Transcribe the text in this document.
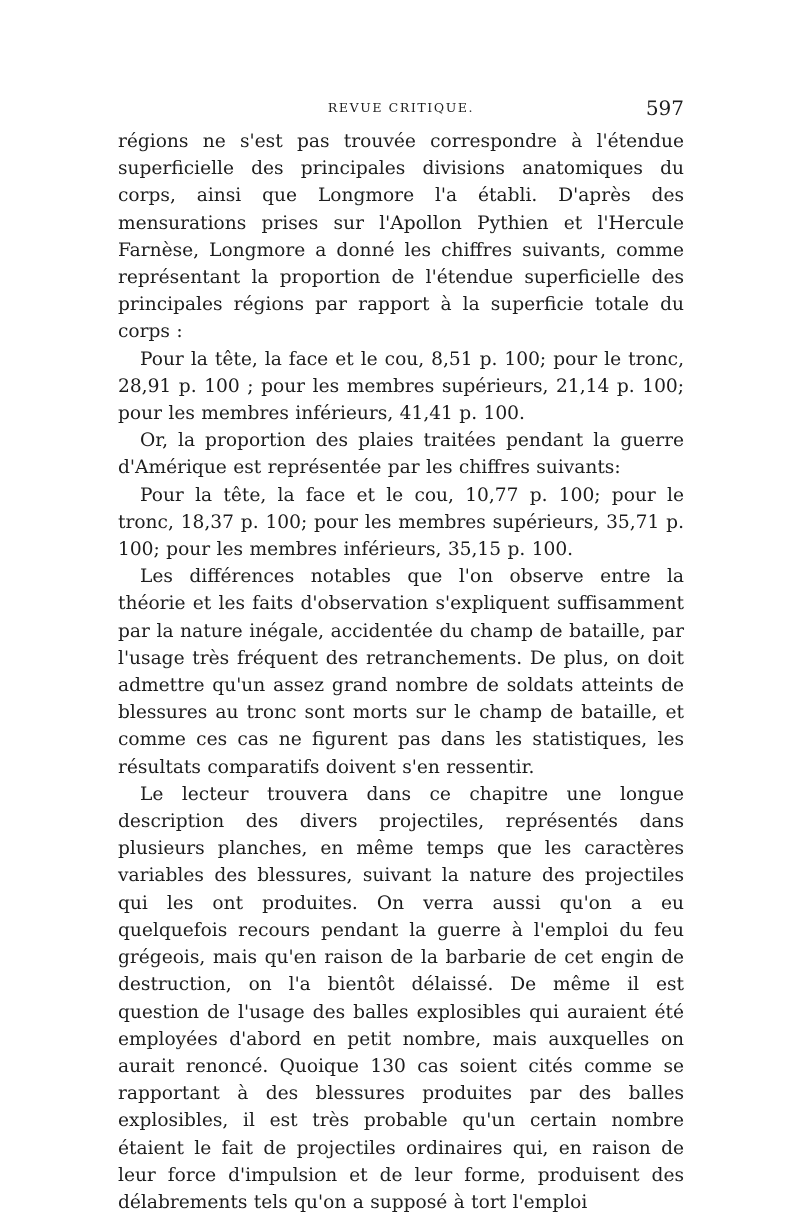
REVUE CRITIQUE.	597

régions ne s'est pas trouvée correspondre à l'étendue superficielle des principales divisions anatomiques du corps, ainsi que Longmore l'a établi. D'après des mensurations prises sur l'Apollon Pythien et l'Hercule Farnèse, Longmore a donné les chiffres suivants, comme représentant la proportion de l'étendue superficielle des principales régions par rapport à la superficie totale du corps :

Pour la tête, la face et le cou, 8,51 p. 100; pour le tronc, 28,91 p. 100 ; pour les membres supérieurs, 21,14 p. 100; pour les membres inférieurs, 41,41 p. 100.

Or, la proportion des plaies traitées pendant la guerre d'Amérique est représentée par les chiffres suivants:

Pour la tête, la face et le cou, 10,77 p. 100; pour le tronc, 18,37 p. 100; pour les membres supérieurs, 35,71 p. 100; pour les membres inférieurs, 35,15 p. 100.

Les différences notables que l'on observe entre la théorie et les faits d'observation s'expliquent suffisamment par la nature inégale, accidentée du champ de bataille, par l'usage très fréquent des retranchements. De plus, on doit admettre qu'un assez grand nombre de soldats atteints de blessures au tronc sont morts sur le champ de bataille, et comme ces cas ne figurent pas dans les statistiques, les résultats comparatifs doivent s'en ressentir.

Le lecteur trouvera dans ce chapitre une longue description des divers projectiles, représentés dans plusieurs planches, en même temps que les caractères variables des blessures, suivant la nature des projectiles qui les ont produites. On verra aussi qu'on a eu quelquefois recours pendant la guerre à l'emploi du feu grégeois, mais qu'en raison de la barbarie de cet engin de destruction, on l'a bientôt délaissé. De même il est question de l'usage des balles explosibles qui auraient été employées d'abord en petit nombre, mais auxquelles on aurait renoncé. Quoique 130 cas soient cités comme se rapportant à des blessures produites par des balles explosibles, il est très probable qu'un certain nombre étaient le fait de projectiles ordinaires qui, en raison de leur force d'impulsion et de leur forme, produisent des délabrements tels qu'on a supposé à tort l'emploi
